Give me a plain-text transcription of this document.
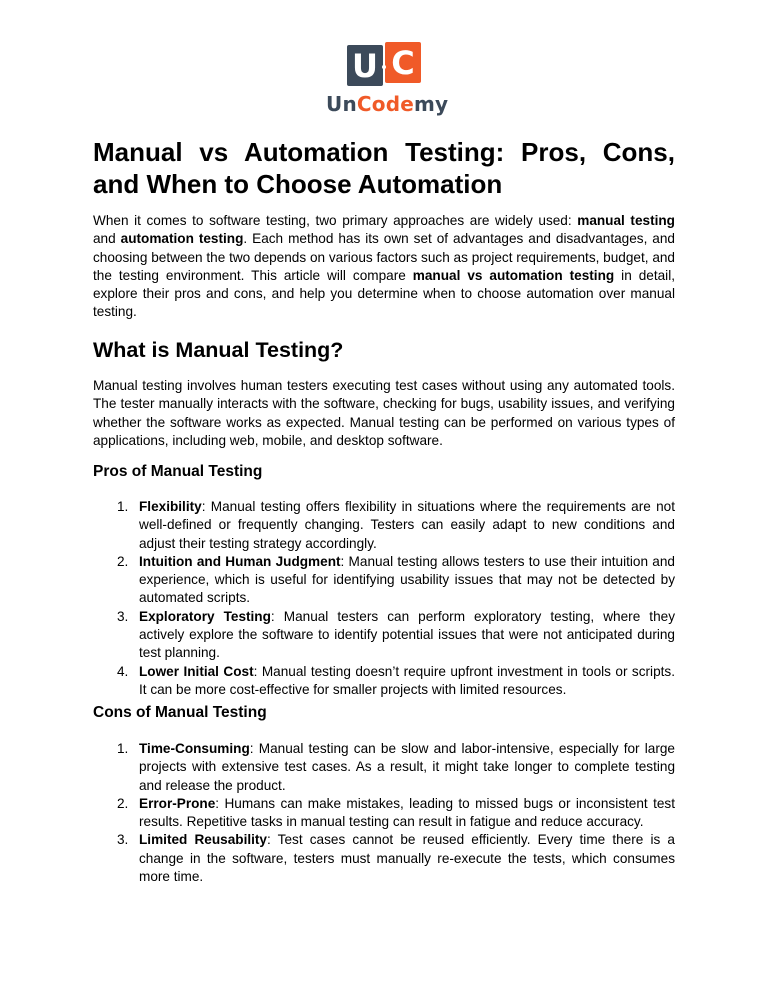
U C
UnCodemy
Manual vs Automation Testing: Pros, Cons, and When to Choose Automation

When it comes to software testing, two primary approaches are widely used: manual testing and automation testing. Each method has its own set of advantages and disadvantages, and choosing between the two depends on various factors such as project requirements, budget, and the testing environment. This article will compare manual vs automation testing in detail, explore their pros and cons, and help you determine when to choose automation over manual testing.

What is Manual Testing?

Manual testing involves human testers executing test cases without using any automated tools. The tester manually interacts with the software, checking for bugs, usability issues, and verifying whether the software works as expected. Manual testing can be performed on various types of applications, including web, mobile, and desktop software.

Pros of Manual Testing
1. Flexibility: Manual testing offers flexibility in situations where the requirements are not well-defined or frequently changing. Testers can easily adapt to new conditions and adjust their testing strategy accordingly.
2. Intuition and Human Judgment: Manual testing allows testers to use their intuition and experience, which is useful for identifying usability issues that may not be detected by automated scripts.
3. Exploratory Testing: Manual testers can perform exploratory testing, where they actively explore the software to identify potential issues that were not anticipated during test planning.
4. Lower Initial Cost: Manual testing doesn’t require upfront investment in tools or scripts. It can be more cost-effective for smaller projects with limited resources.
Cons of Manual Testing
1. Time-Consuming: Manual testing can be slow and labor-intensive, especially for large projects with extensive test cases. As a result, it might take longer to complete testing and release the product.
2. Error-Prone: Humans can make mistakes, leading to missed bugs or inconsistent test results. Repetitive tasks in manual testing can result in fatigue and reduce accuracy.
3. Limited Reusability: Test cases cannot be reused efficiently. Every time there is a change in the software, testers must manually re-execute the tests, which consumes more time.
